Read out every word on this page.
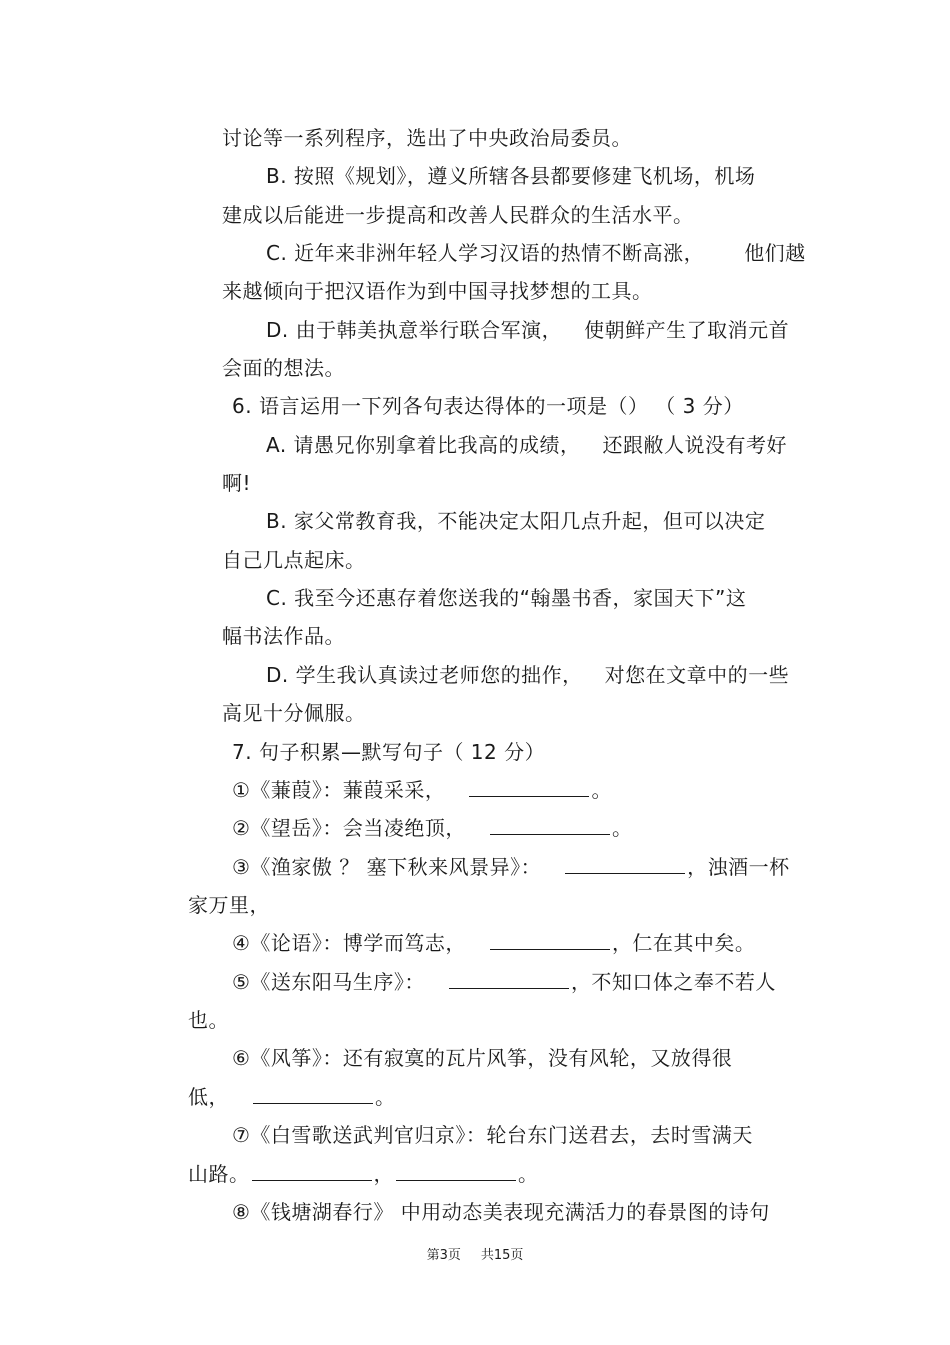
讨论等一系列程序，选出了中央政治局委员。
B. 按照《规划》，遵义所辖各县都要修建飞机场，机场
建成以后能进一步提高和改善人民群众的生活水平。
C. 近年来非洲年轻人学习汉语的热情不断高涨， 他们越
来越倾向于把汉语作为到中国寻找梦想的工具。
D. 由于韩美执意举行联合军演， 使朝鲜产生了取消元首
会面的想法。
6. 语言运用一下列各句表达得体的一项是（） （ 3 分）
A. 请愚兄你别拿着比我高的成绩， 还跟敝人说没有考好
啊!
B. 家父常教育我，不能决定太阳几点升起，但可以决定
自己几点起床。
C. 我至今还惠存着您送我的“翰墨书香，家国天下”这
幅书法作品。
D. 学生我认真读过老师您的拙作， 对您在文章中的一些
高见十分佩服。
7. 句子积累—默写句子（ 12 分）
①《蒹葭》：蒹葭采采，	。
②《望岳》：会当凌绝顶，	。
③《渔家傲 ？ 塞下秋来风景异》：	，浊酒一杯
家万里，
④《论语》：博学而笃志，	，仁在其中矣。
⑤《送东阳马生序》：	，不知口体之奉不若人
也。
⑥《风筝》：还有寂寞的瓦片风筝，没有风轮，又放得很
低，	。
⑦《白雪歌送武判官归京》：轮台东门送君去，去时雪满天
山路。	，	。
⑧《钱塘湖春行》 中用动态美表现充满活力的春景图的诗句
第3页 共15页
